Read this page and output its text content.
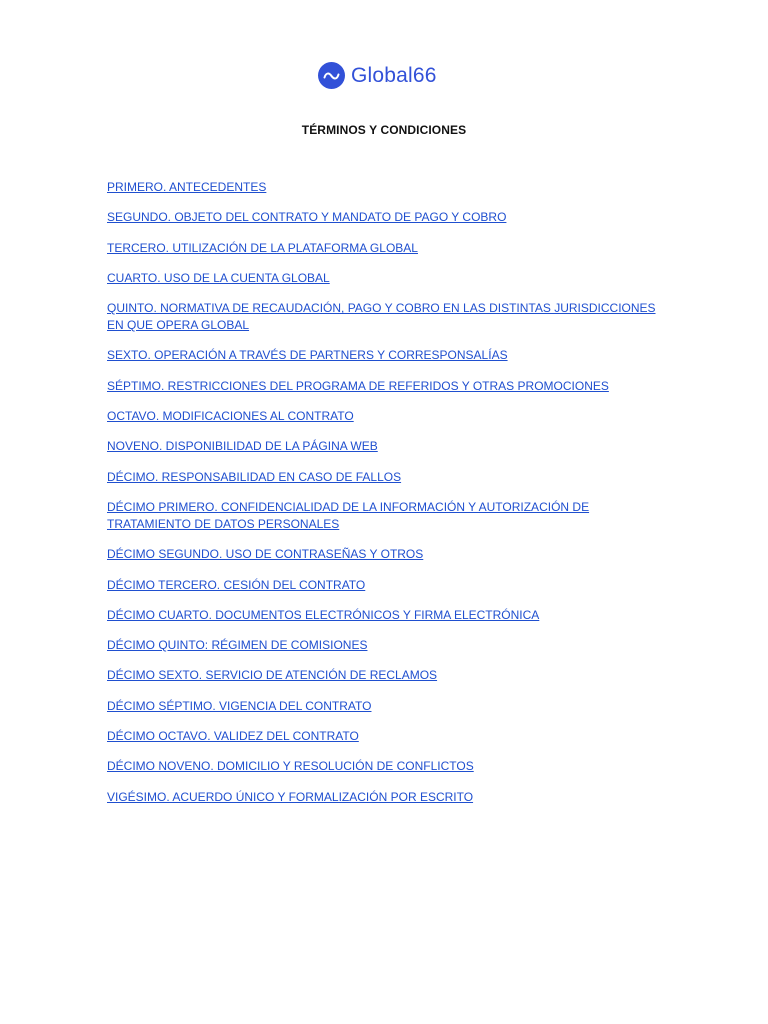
Global66
TÉRMINOS Y CONDICIONES
PRIMERO. ANTECEDENTES
SEGUNDO. OBJETO DEL CONTRATO Y MANDATO DE PAGO Y COBRO
TERCERO. UTILIZACIÓN DE LA PLATAFORMA GLOBAL
CUARTO. USO DE LA CUENTA GLOBAL
QUINTO. NORMATIVA DE RECAUDACIÓN, PAGO Y COBRO EN LAS DISTINTAS JURISDICCIONES EN QUE OPERA GLOBAL
SEXTO. OPERACIÓN A TRAVÉS DE PARTNERS Y CORRESPONSALÍAS
SÉPTIMO. RESTRICCIONES DEL PROGRAMA DE REFERIDOS Y OTRAS PROMOCIONES
OCTAVO. MODIFICACIONES AL CONTRATO
NOVENO. DISPONIBILIDAD DE LA PÁGINA WEB
DÉCIMO. RESPONSABILIDAD EN CASO DE FALLOS
DÉCIMO PRIMERO. CONFIDENCIALIDAD DE LA INFORMACIÓN Y AUTORIZACIÓN DE TRATAMIENTO DE DATOS PERSONALES
DÉCIMO SEGUNDO. USO DE CONTRASEÑAS Y OTROS
DÉCIMO TERCERO. CESIÓN DEL CONTRATO
DÉCIMO CUARTO. DOCUMENTOS ELECTRÓNICOS Y FIRMA ELECTRÓNICA
DÉCIMO QUINTO: RÉGIMEN DE COMISIONES
DÉCIMO SEXTO. SERVICIO DE ATENCIÓN DE RECLAMOS
DÉCIMO SÉPTIMO. VIGENCIA DEL CONTRATO
DÉCIMO OCTAVO. VALIDEZ DEL CONTRATO
DÉCIMO NOVENO. DOMICILIO Y RESOLUCIÓN DE CONFLICTOS
VIGÉSIMO. ACUERDO ÚNICO Y FORMALIZACIÓN POR ESCRITO
